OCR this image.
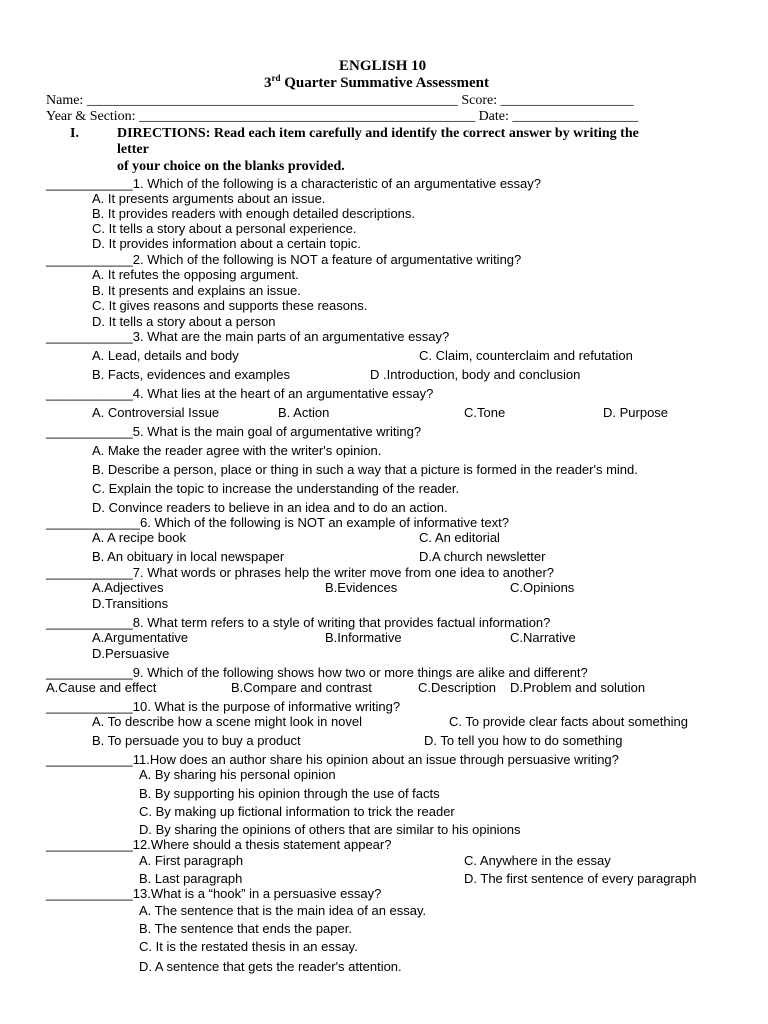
ENGLISH 10
3rd Quarter Summative Assessment
Name: _____________________________________________________ Score: ___________________
Year & Section: ________________________________________________ Date: __________________
I.	DIRECTIONS: Read each item carefully and identify the correct answer by writing the
letter
of your choice on the blanks provided.
____________1. Which of the following is a characteristic of an argumentative essay?
A. It presents arguments about an issue.
B. It provides readers with enough detailed descriptions.
C. It tells a story about a personal experience.
D. It provides information about a certain topic.
____________2. Which of the following is NOT a feature of argumentative writing?
A. It refutes the opposing argument.
B. It presents and explains an issue.
C. It gives reasons and supports these reasons.
D. It tells a story about a person
____________3. What are the main parts of an argumentative essay?
A. Lead, details and body	C. Claim, counterclaim and refutation
B. Facts, evidences and examples	D .Introduction, body and conclusion
____________4. What lies at the heart of an argumentative essay?
A. Controversial Issue	B. Action	C.Tone	D. Purpose
____________5. What is the main goal of argumentative writing?
A. Make the reader agree with the writer's opinion.
B. Describe a person, place or thing in such a way that a picture is formed in the reader's mind.
C. Explain the topic to increase the understanding of the reader.
D. Convince readers to believe in an idea and to do an action.
_____________6. Which of the following is NOT an example of informative text?
A. A recipe book	C. An editorial
B. An obituary in local newspaper	D.A church newsletter
____________7. What words or phrases help the writer move from one idea to another?
A.Adjectives	B.Evidences	C.Opinions
D.Transitions
____________8. What term refers to a style of writing that provides factual information?
A.Argumentative	B.Informative	C.Narrative
D.Persuasive
____________9. Which of the following shows how two or more things are alike and different?
A.Cause and effect	B.Compare and contrast	C.Description D.Problem and solution
____________10. What is the purpose of informative writing?
A. To describe how a scene might look in novel	C. To provide clear facts about something
B. To persuade you to buy a product	D. To tell you how to do something
____________11.How does an author share his opinion about an issue through persuasive writing?
A. By sharing his personal opinion
B. By supporting his opinion through the use of facts
C. By making up fictional information to trick the reader
D. By sharing the opinions of others that are similar to his opinions
____________12.Where should a thesis statement appear?
A. First paragraph	C. Anywhere in the essay
B. Last paragraph	D. The first sentence of every paragraph
____________13.What is a “hook” in a persuasive essay?
A. The sentence that is the main idea of an essay.
B. The sentence that ends the paper.
C. It is the restated thesis in an essay.
D. A sentence that gets the reader's attention.
